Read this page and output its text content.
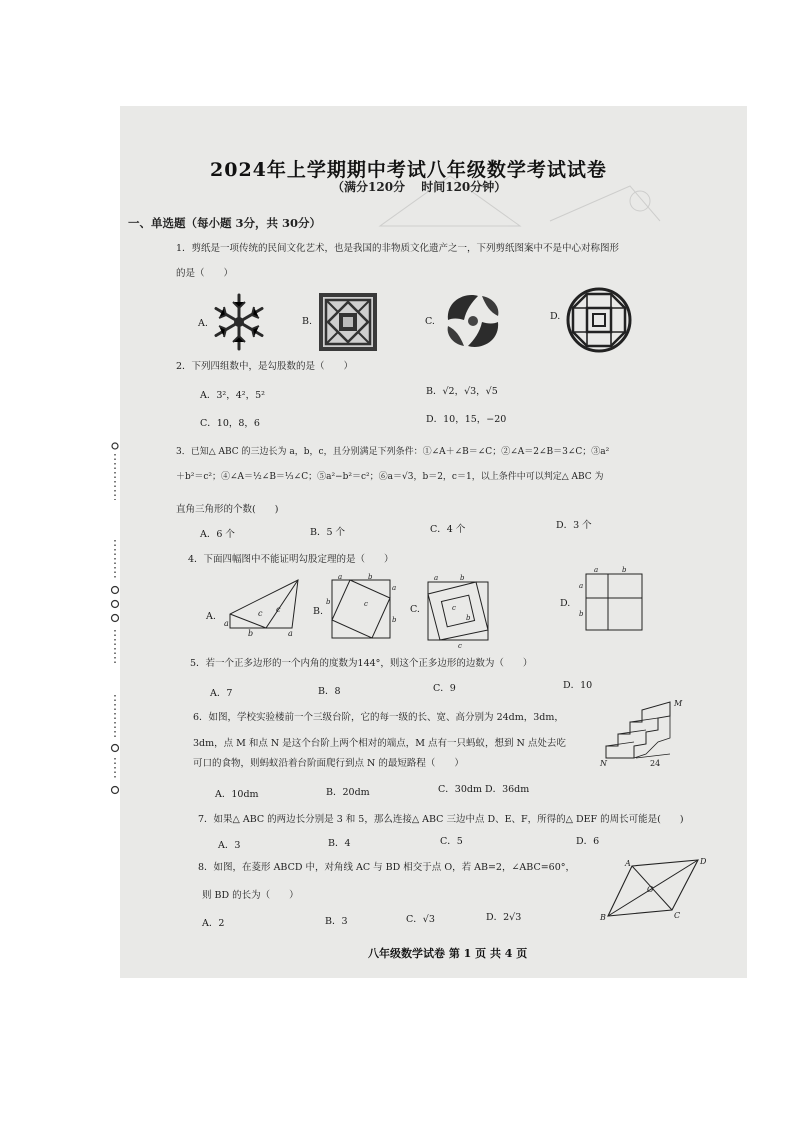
2024年上学期期中考试八年级数学考试试卷
（满分120分　 时间120分钟）
一、单选题（每小题 3分，共 30分）
1．剪纸是一项传统的民间文化艺术，也是我国的非物质文化遗产之一，下列剪纸图案中不是中心对称图形
的是（　　）
A.	B.	C.	D.
2．下列四组数中，是勾股数的是（　　）
A．3²，4²，5²	B．√2，√3，√5
C．10，8，6	D．10，15，−20
3．已知△ ABC 的三边长为 a，b，c，且分别满足下列条件：①∠A＋∠B＝∠C；②∠A＝2∠B＝3∠C；③a²
＋b²＝c²；④∠A＝½∠B＝⅓∠C；⑤a²−b²＝c²；⑥a＝√3，b＝2，c＝1，以上条件中可以判定△ ABC 为
直角三角形的个数(　　)
A．6 个	B．5 个	C．4 个	D．3 个
4．下面四幅图中不能证明勾股定理的是（　　）
A.
a
b
c c
a
B.
a	b
a
b
c
b
C.
a	b
c
b
c
D.
a	b
a
b
5．若一个正多边形的一个内角的度数为144°，则这个正多边形的边数为（　　）
A．7	B．8	C．9	D．10
6．如图，学校实验楼前一个三级台阶，它的每一级的长、宽、高分别为 24dm，3dm，
3dm，点 M 和点 N 是这个台阶上两个相对的端点，M 点有一只蚂蚁，想到 N 点处去吃
可口的食物，则蚂蚁沿着台阶面爬行到点 N 的最短路程（　　）
M
N	24
A．10dm	B．20dm	C．30dm D．36dm
7．如果△ ABC 的两边长分别是 3 和 5，那么连接△ ABC 三边中点 D、E、F，所得的△ DEF 的周长可能是(　　)
A．3	B．4	C．5	D．6
8．如图，在菱形 ABCD 中，对角线 AC 与 BD 相交于点 O，若 AB=2，∠ABC=60°，
则 BD 的长为（　　）
A．2	B．3	C．√3	D．2√3
A	D
B	C
O
八年级数学试卷 第 1 页 共 4 页
